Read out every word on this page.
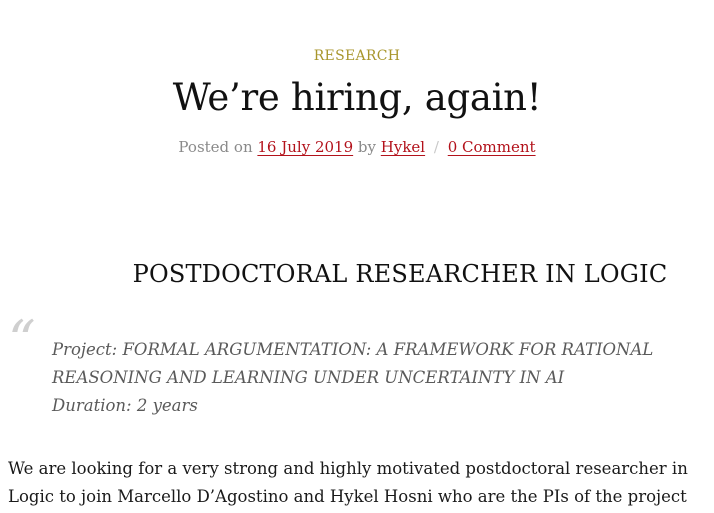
RESEARCH
We’re hiring, again!
Posted on 16 July 2019 by Hykel / 0 Comment
POSTDOCTORAL RESEARCHER IN LOGIC
“ Project: FORMAL ARGUMENTATION: A FRAMEWORK FOR RATIONAL
REASONING AND LEARNING UNDER UNCERTAINTY IN AI
Duration: 2 years
We are looking for a very strong and highly motivated postdoctoral researcher in
Logic to join Marcello D’Agostino and Hykel Hosni who are the PIs of the project
